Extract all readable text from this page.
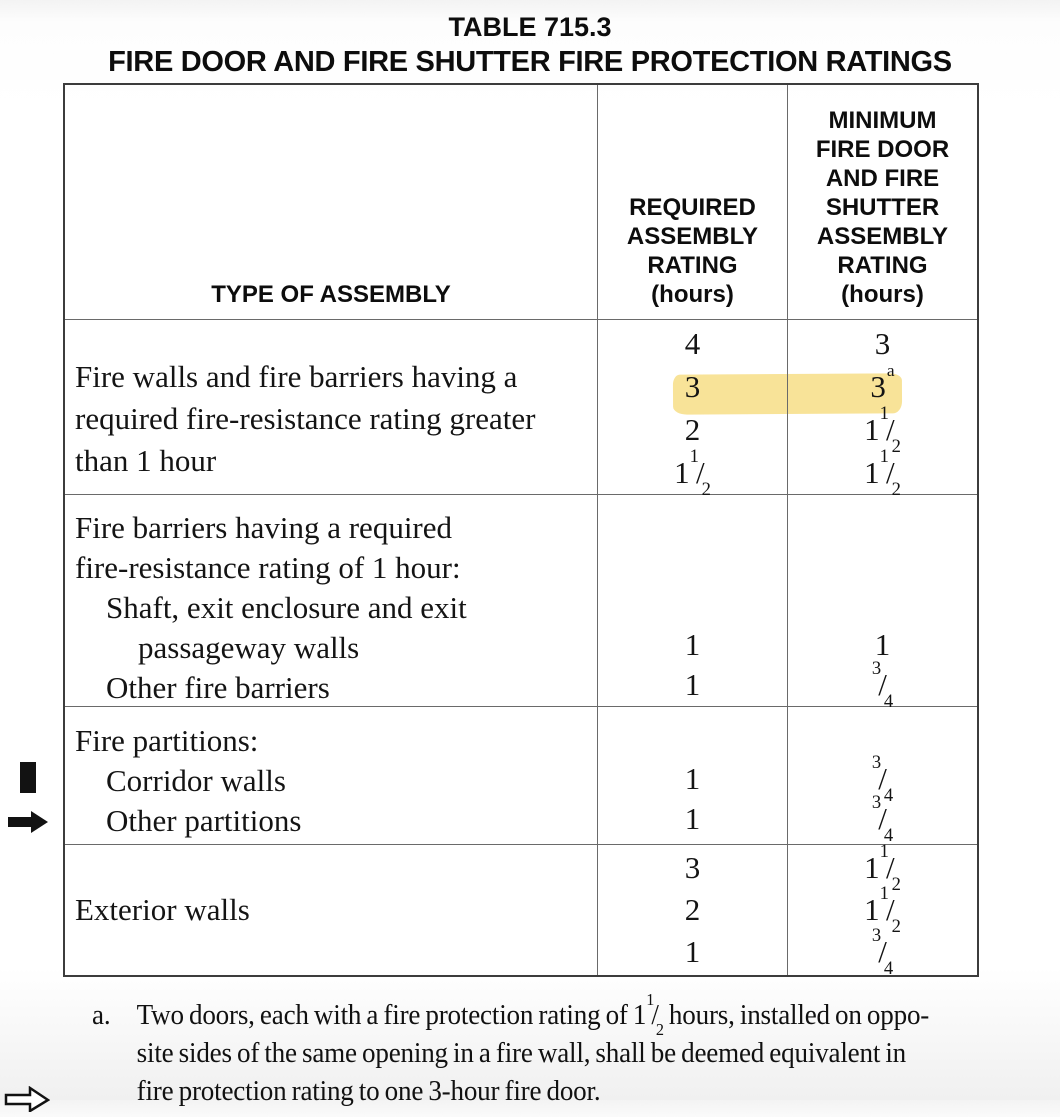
TABLE 715.3
FIRE DOOR AND FIRE SHUTTER FIRE PROTECTION RATINGS
TYPE OF ASSEMBLY
REQUIRED
ASSEMBLY
RATING
(hours)
MINIMUM
FIRE DOOR
AND FIRE
SHUTTER
ASSEMBLY
RATING
(hours)
Fire walls and fire barriers having a
required fire-resistance rating greater
than 1 hour
4
3
2
$1^1/_2$
3
3$^a$
$1^1/_2$
$1^1/_2$
Fire barriers having a required
fire-resistance rating of 1 hour:
Shaft, exit enclosure and exit
passageway walls
Other fire barriers
1
1
1
$^3/_4$
Fire partitions:
Corridor walls
Other partitions
1
1
$^3/_4$
$^3/_4$
Exterior walls
3
2
1
$1^1/_2$
$1^1/_2$
$^3/_4$
a. Two doors, each with a fire protection rating of $1^1/_2$ hours, installed on oppo-
site sides of the same opening in a fire wall, shall be deemed equivalent in
fire protection rating to one 3-hour fire door.
